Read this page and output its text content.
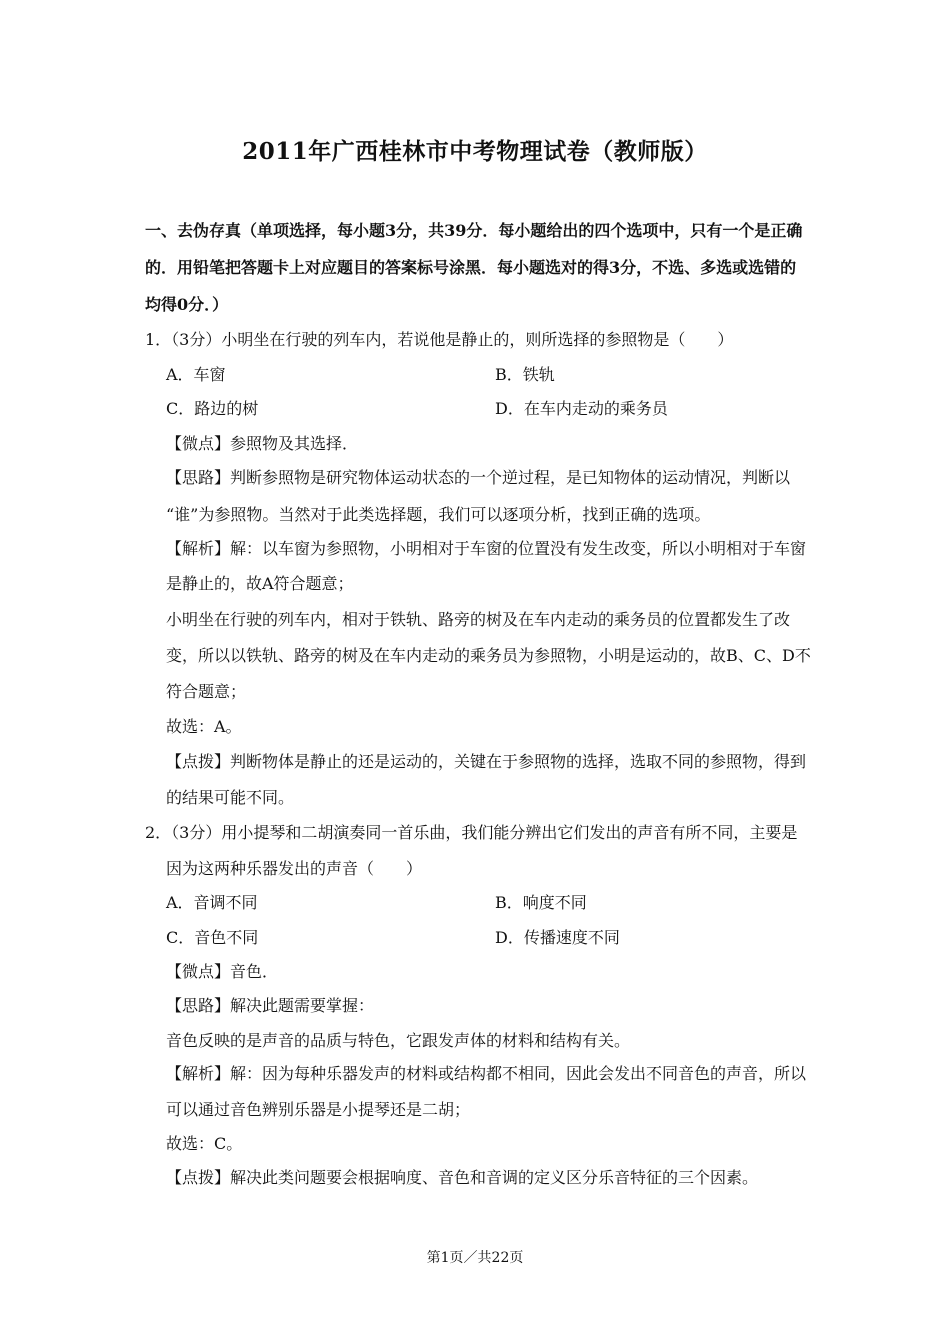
2011年广西桂林市中考物理试卷（教师版）
一、去伪存真（单项选择，每小题3分，共39分．每小题给出的四个选项中，只有一个是正确
的．用铅笔把答题卡上对应题目的答案标号涂黑．每小题选对的得3分，不选、多选或选错的
均得0分．）
1．（3分）小明坐在行驶的列车内，若说他是静止的，则所选择的参照物是（　　）
A．车窗	B．铁轨
C．路边的树	D．在车内走动的乘务员
【微点】参照物及其选择．
【思路】判断参照物是研究物体运动状态的一个逆过程，是已知物体的运动情况，判断以
“谁”为参照物。当然对于此类选择题，我们可以逐项分析，找到正确的选项。
【解析】解：以车窗为参照物，小明相对于车窗的位置没有发生改变，所以小明相对于车窗
是静止的，故A符合题意；
小明坐在行驶的列车内，相对于铁轨、路旁的树及在车内走动的乘务员的位置都发生了改
变，所以以铁轨、路旁的树及在车内走动的乘务员为参照物，小明是运动的，故B、C、D不
符合题意；
故选：A。
【点拨】判断物体是静止的还是运动的，关键在于参照物的选择，选取不同的参照物，得到
的结果可能不同。
2．（3分）用小提琴和二胡演奏同一首乐曲，我们能分辨出它们发出的声音有所不同，主要是
因为这两种乐器发出的声音（　　）
A．音调不同	B．响度不同
C．音色不同	D．传播速度不同
【微点】音色．
【思路】解决此题需要掌握：
音色反映的是声音的品质与特色，它跟发声体的材料和结构有关。
【解析】解：因为每种乐器发声的材料或结构都不相同，因此会发出不同音色的声音，所以
可以通过音色辨别乐器是小提琴还是二胡；
故选：C。
【点拨】解决此类问题要会根据响度、音色和音调的定义区分乐音特征的三个因素。
第1页／共22页
